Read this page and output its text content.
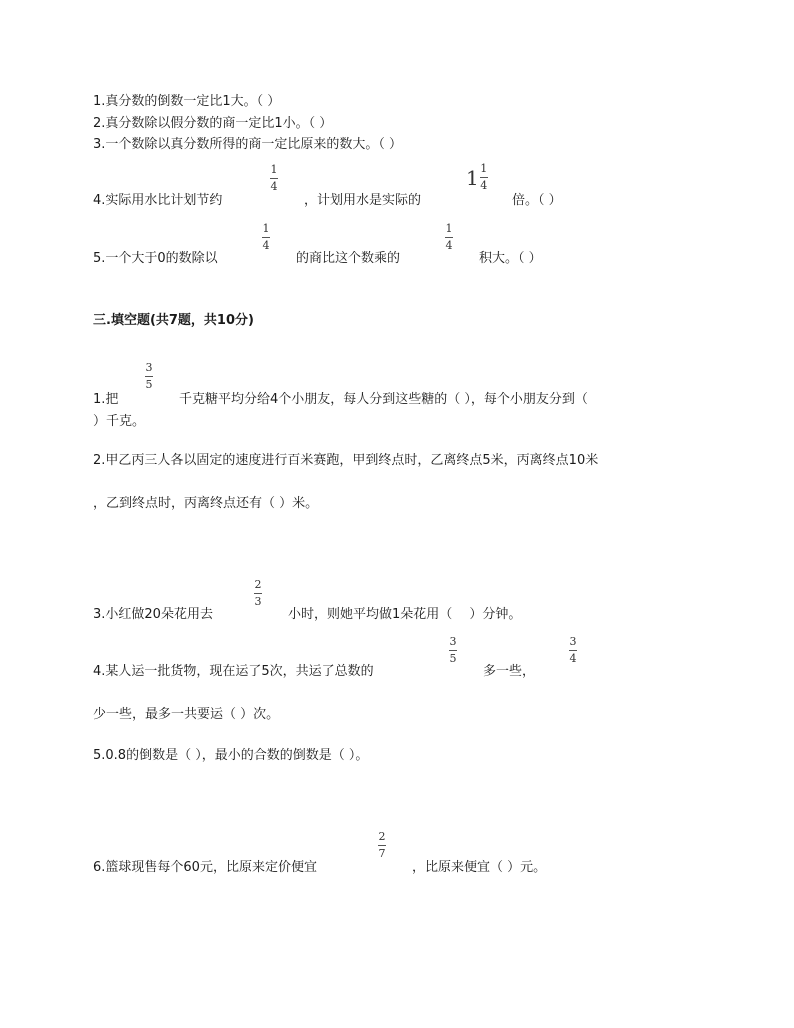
1.真分数的倒数一定比1大。（ ）
2.真分数除以假分数的商一定比1小。（ ）
3.一个数除以真分数所得的商一定比原来的数大。（ ）
4.实际用水比计划节约
1
4
，计划用水是实际的
$1 \frac{1}{4}$
倍。（ ）
5.一个大于0的数除以
1
4
的商比这个数乘的
1
4
积大。（ ）
三.填空题(共7题，共10分)
1.把
3
5
千克糖平均分给4个小朋友，每人分到这些糖的（ ），每个小朋友分到（
）千克。
2.甲乙丙三人各以固定的速度进行百米赛跑，甲到终点时，乙离终点5米，丙离终点10米
，乙到终点时，丙离终点还有（ ）米。
3.小红做20朵花用去
2
3
小时，则她平均做1朵花用（　 ）分钟。
4.某人运一批货物，现在运了5次，共运了总数的
3
5
多一些，
3
4
少一些，最多一共要运（ ）次。
5.0.8的倒数是（ ），最小的合数的倒数是（ ）。
6.篮球现售每个60元，比原来定价便宜
2
7
，比原来便宜（ ）元。
